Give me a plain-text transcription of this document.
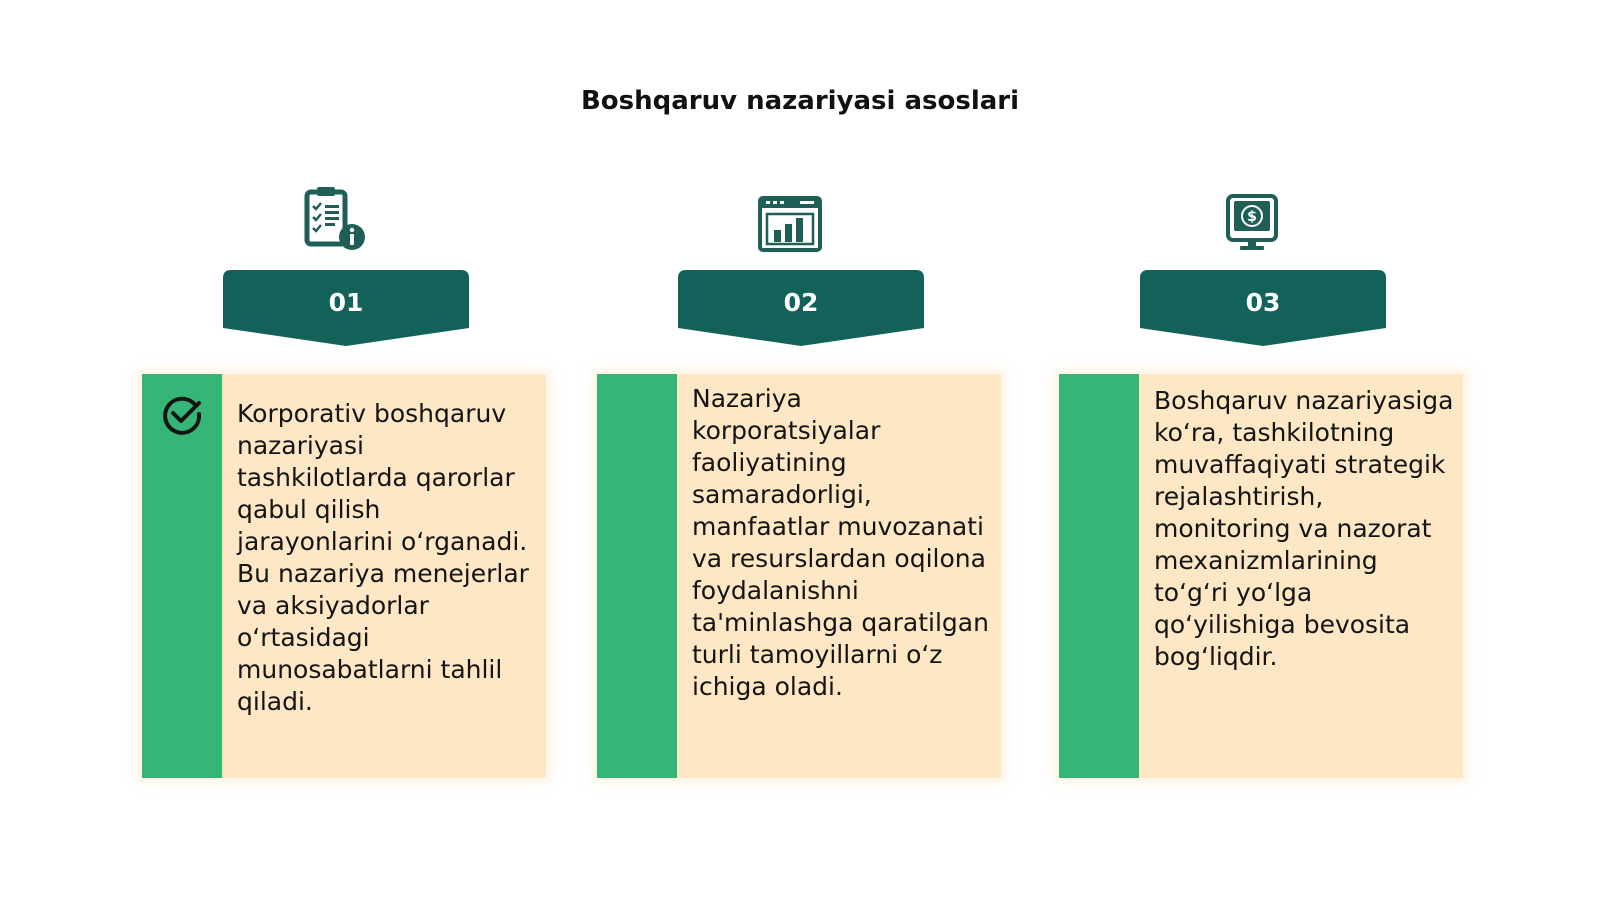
Boshqaruv nazariyasi asoslari
01

Korporativ boshqaruv nazariyasi tashkilotlarda qarorlar qabul qilish jarayonlarini o‘rganadi. Bu nazariya menejerlar va aksiyadorlar o‘rtasidagi munosabatlarni tahlil qiladi.

02

Nazariya korporatsiyalar faoliyatining samaradorligi, manfaatlar muvozanati va resurslardan oqilona foydalanishni ta'minlashga qaratilgan turli tamoyillarni o‘z ichiga oladi.

$
03

Boshqaruv nazariyasiga ko‘ra, tashkilotning muvaffaqiyati strategik rejalashtirish, monitoring va nazorat mexanizmlarining to‘g‘ri yo‘lga qo‘yilishiga bevosita bog‘liqdir.
